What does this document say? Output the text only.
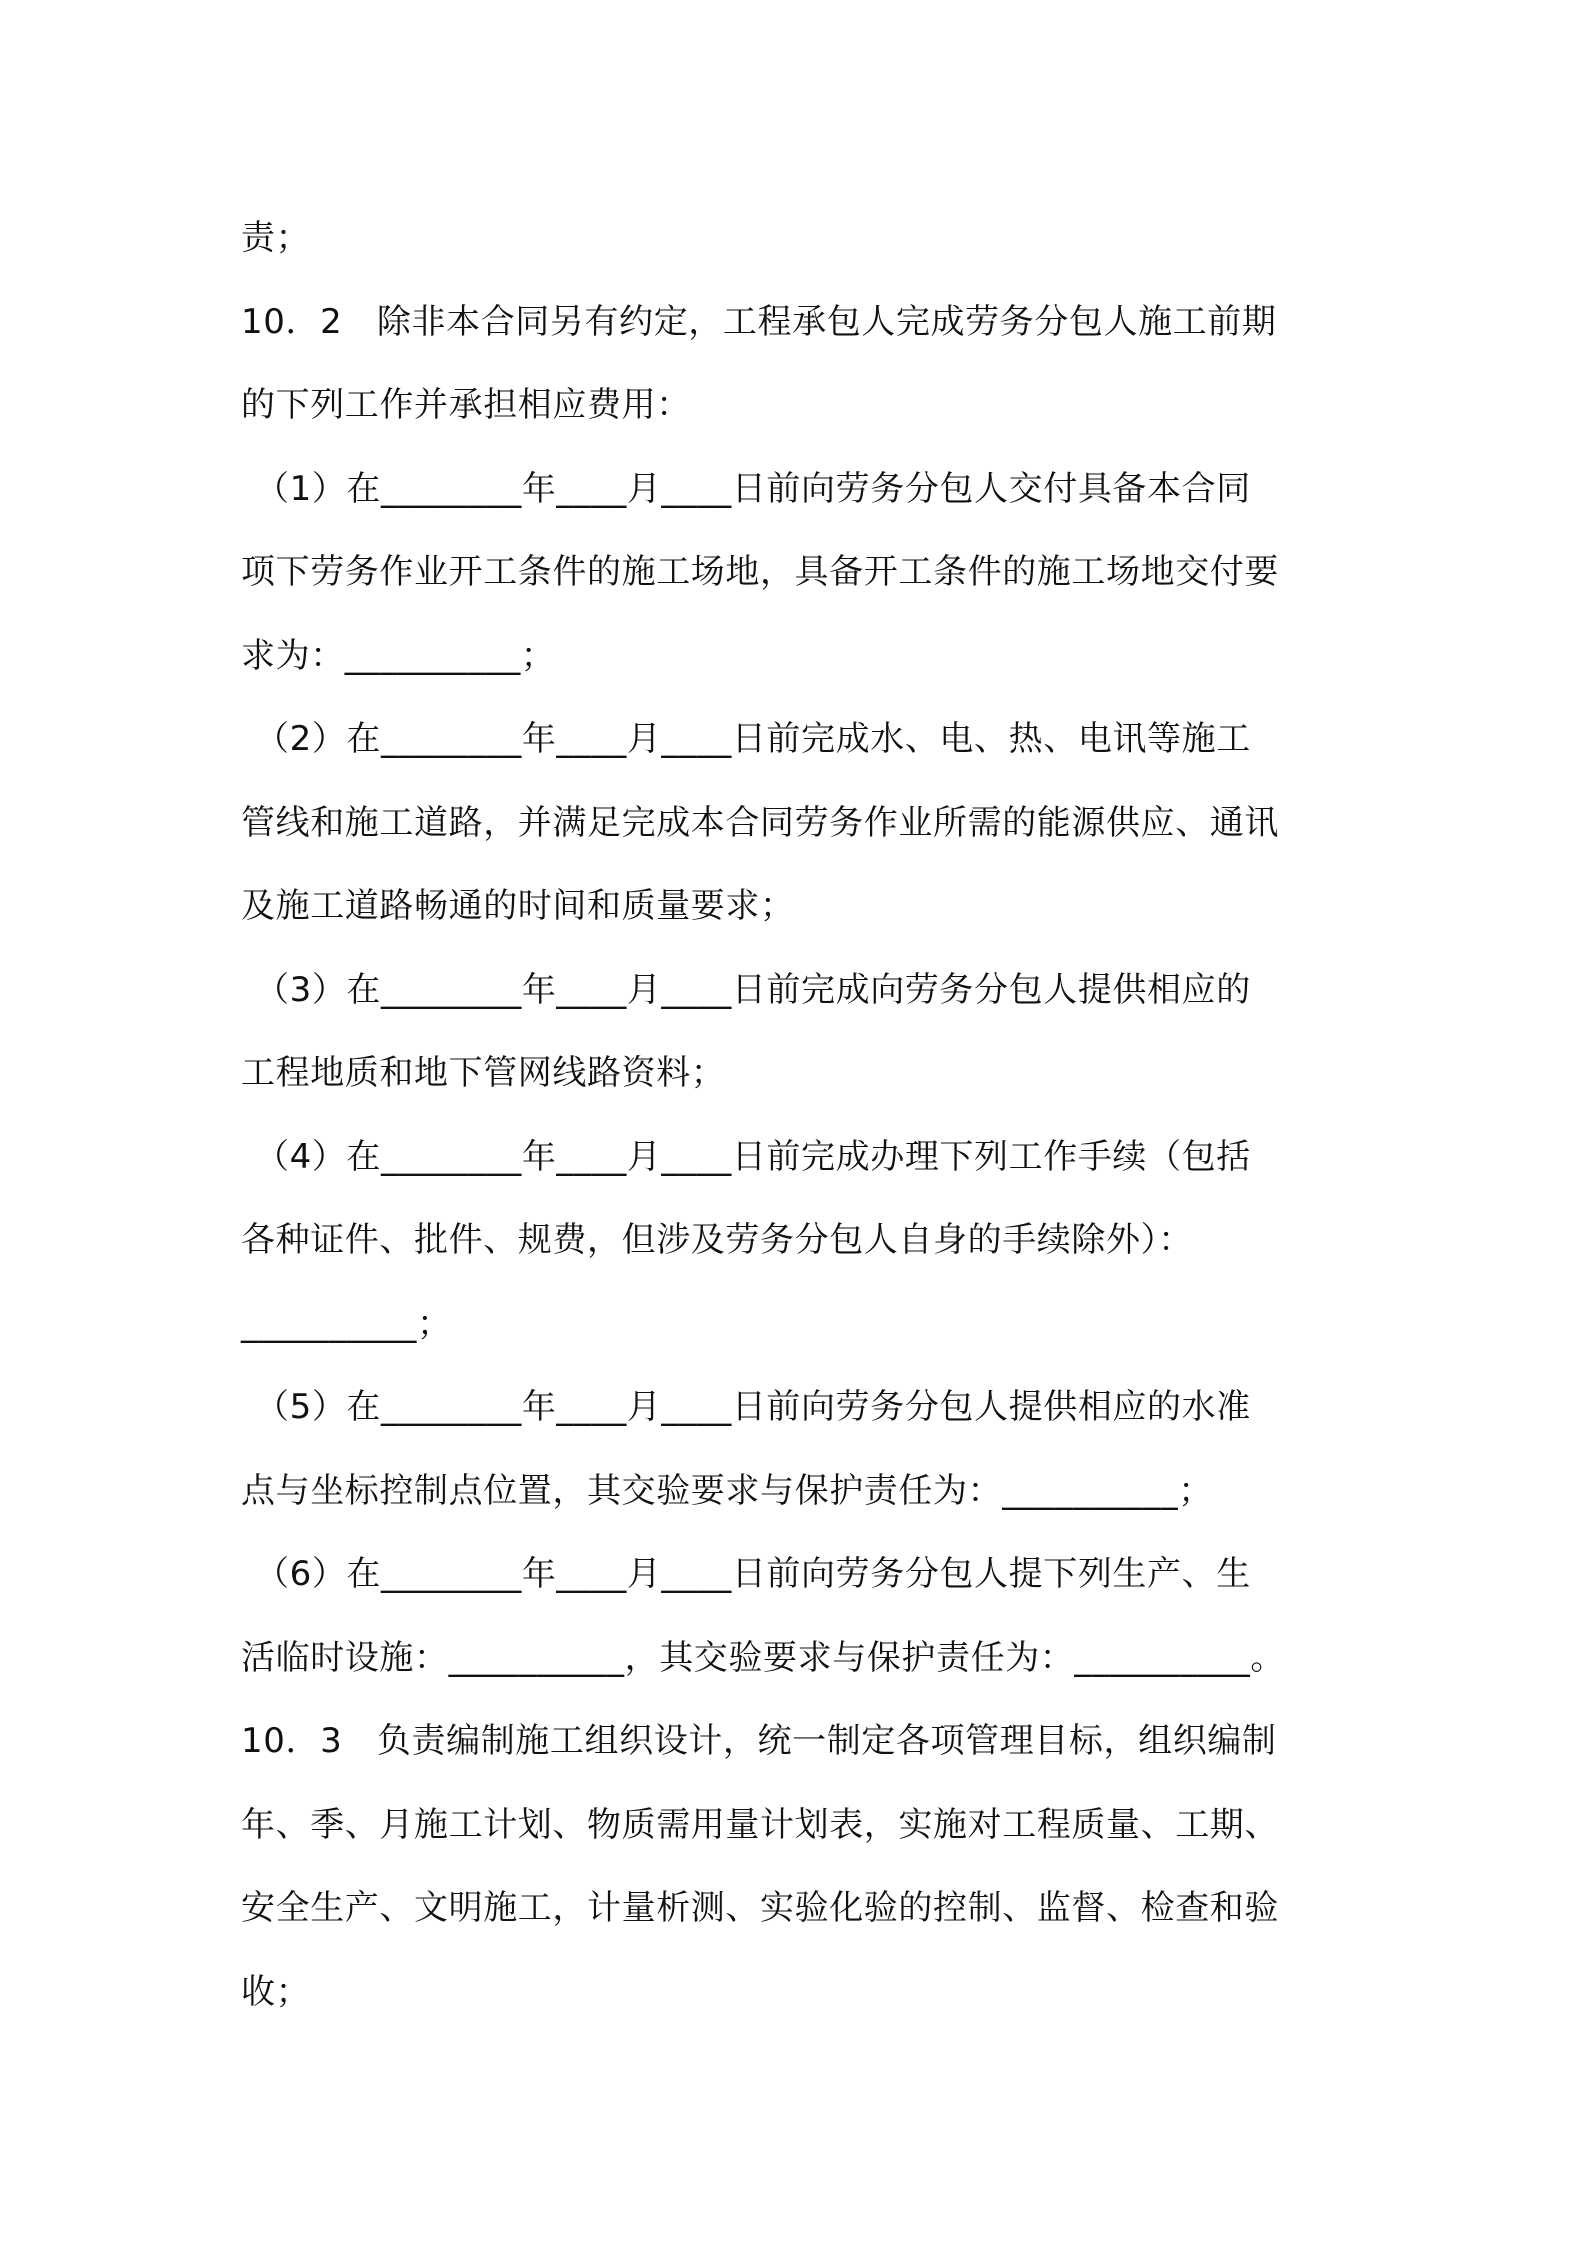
责；
10．2　除非本合同另有约定，工程承包人完成劳务分包人施工前期
的下列工作并承担相应费用：
（1）在________年____月____日前向劳务分包人交付具备本合同
项下劳务作业开工条件的施工场地，具备开工条件的施工场地交付要
求为：__________；
（2）在________年____月____日前完成水、电、热、电讯等施工
管线和施工道路，并满足完成本合同劳务作业所需的能源供应、通讯
及施工道路畅通的时间和质量要求；
（3）在________年____月____日前完成向劳务分包人提供相应的
工程地质和地下管网线路资料；
（4）在________年____月____日前完成办理下列工作手续（包括
各种证件、批件、规费，但涉及劳务分包人自身的手续除外）：
__________；
（5）在________年____月____日前向劳务分包人提供相应的水准
点与坐标控制点位置，其交验要求与保护责任为：__________；
（6）在________年____月____日前向劳务分包人提下列生产、生
活临时设施：__________，其交验要求与保护责任为：__________。
10．3　负责编制施工组织设计，统一制定各项管理目标，组织编制
年、季、月施工计划、物质需用量计划表，实施对工程质量、工期、
安全生产、文明施工，计量析测、实验化验的控制、监督、检查和验
收；
